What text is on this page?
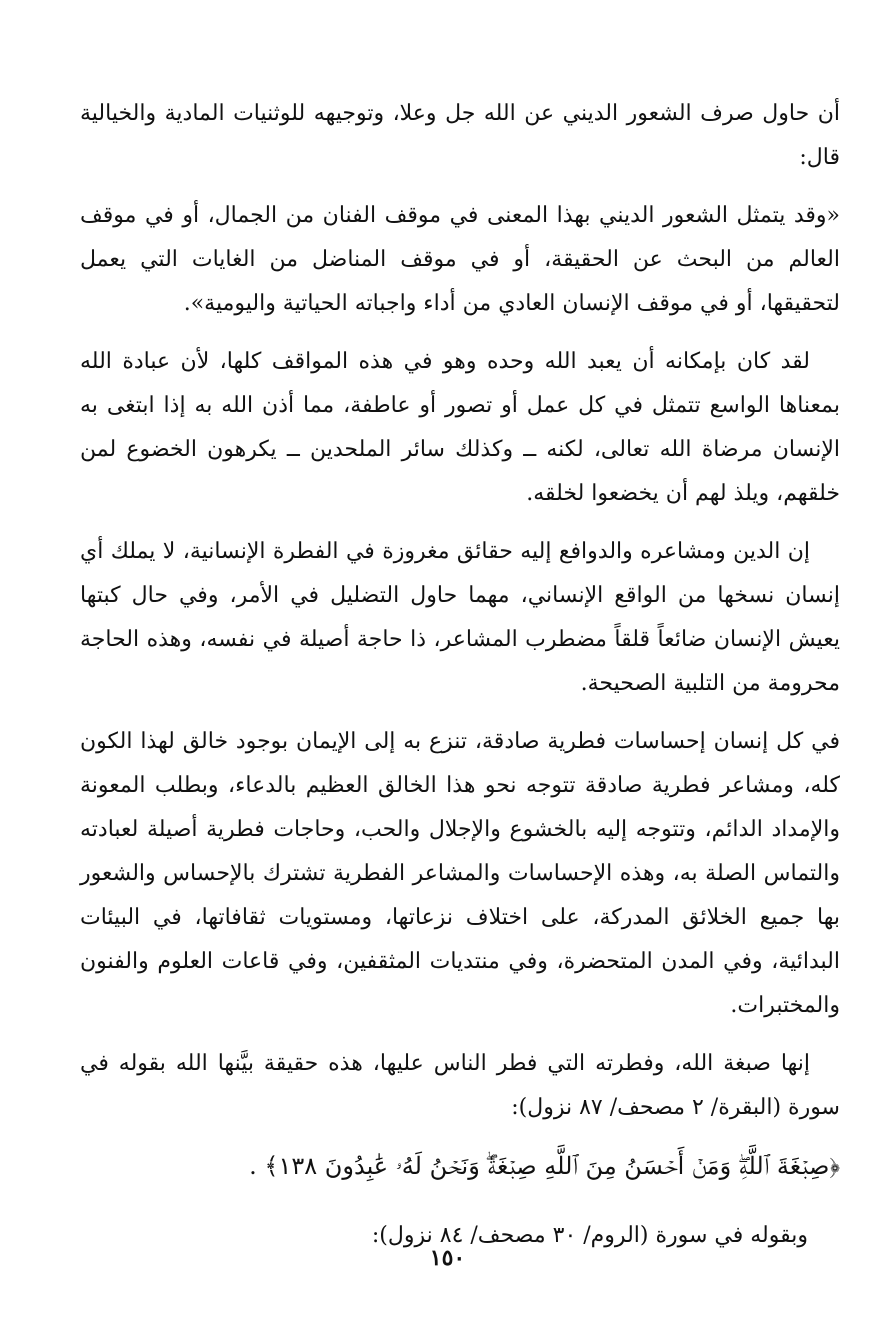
أن حاول صرف الشعور الديني عن الله جل وعلا، وتوجيهه للوثنيات المادية والخيالية قال:

«وقد يتمثل الشعور الديني بهذا المعنى في موقف الفنان من الجمال، أو في موقف العالم من البحث عن الحقيقة، أو في موقف المناضل من الغايات التي يعمل لتحقيقها، أو في موقف الإنسان العادي من أداء واجباته الحياتية واليومية».

لقد كان بإمكانه أن يعبد الله وحده وهو في هذه المواقف كلها، لأن عبادة الله بمعناها الواسع تتمثل في كل عمل أو تصور أو عاطفة، مما أذن الله به إذا ابتغى به الإنسان مرضاة الله تعالى، لكنه ــ وكذلك سائر الملحدين ــ يكرهون الخضوع لمن خلقهم، ويلذ لهم أن يخضعوا لخلقه.

إن الدين ومشاعره والدوافع إليه حقائق مغروزة في الفطرة الإنسانية، لا يملك أي إنسان نسخها من الواقع الإنساني، مهما حاول التضليل في الأمر، وفي حال كبتها يعيش الإنسان ضائعاً قلقاً مضطرب المشاعر، ذا حاجة أصيلة في نفسه، وهذه الحاجة محرومة من التلبية الصحيحة.

في كل إنسان إحساسات فطرية صادقة، تنزع به إلى الإيمان بوجود خالق لهذا الكون كله، ومشاعر فطرية صادقة تتوجه نحو هذا الخالق العظيم بالدعاء، وبطلب المعونة والإمداد الدائم، وتتوجه إليه بالخشوع والإجلال والحب، وحاجات فطرية أصيلة لعبادته والتماس الصلة به، وهذه الإحساسات والمشاعر الفطرية تشترك بالإحساس والشعور بها جميع الخلائق المدركة، على اختلاف نزعاتها، ومستويات ثقافاتها، في البيئات البدائية، وفي المدن المتحضرة، وفي منتديات المثقفين، وفي قاعات العلوم والفنون والمختبرات.

إنها صبغة الله، وفطرته التي فطر الناس عليها، هذه حقيقة بيَّنها الله بقوله في سورة (البقرة/ ٢ مصحف/ ٨٧ نزول):

﴿صِبۡغَةَ ٱللَّهِۖ وَمَنۡ أَحۡسَنُ مِنَ ٱللَّهِ صِبۡغَةٗۖ وَنَحۡنُ لَهُۥ عَٰبِدُونَ ١٣٨﴾ .
وبقوله في سورة (الروم/ ٣٠ مصحف/ ٨٤ نزول):
١٥٠
